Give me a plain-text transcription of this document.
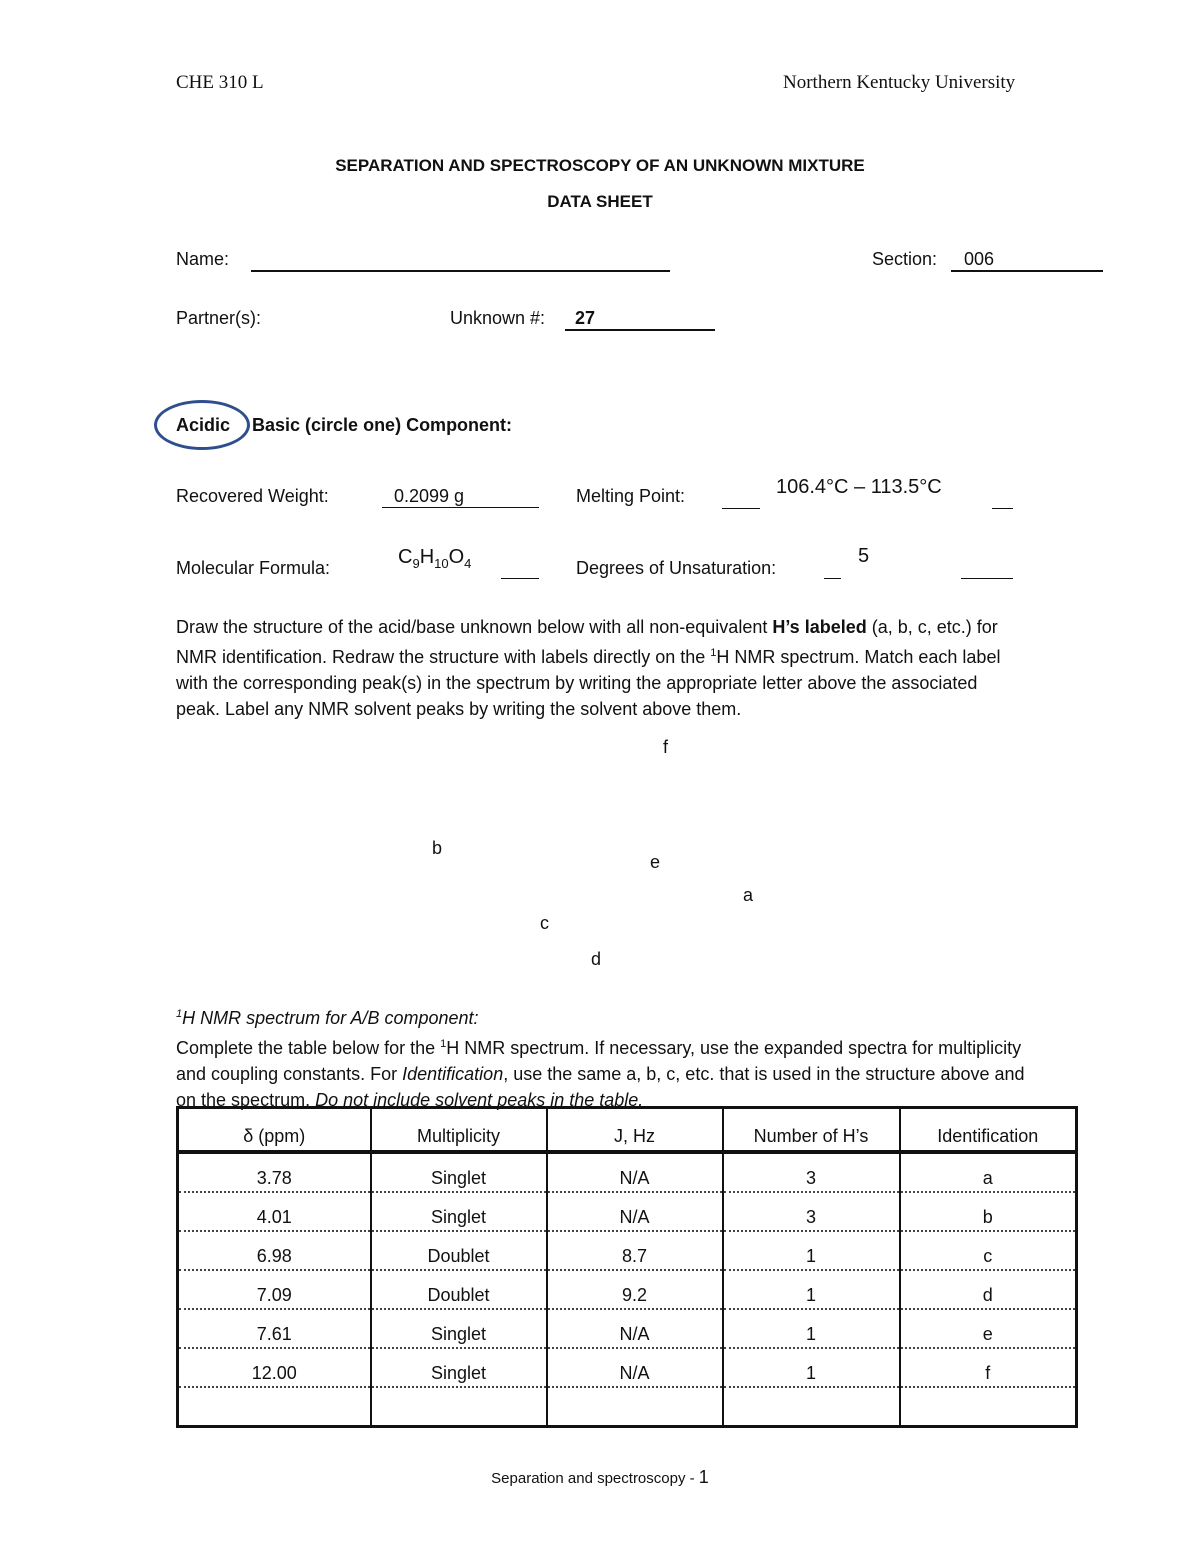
CHE 310 L	Northern Kentucky University
SEPARATION AND SPECTROSCOPY OF AN UNKNOWN MIXTURE
DATA SHEET
Name:	Section: 006
Partner(s):	Unknown #: 27
Acidic Basic (circle one) Component:
Recovered Weight:	0.2099 g	Melting Point:	106.4°C – 113.5°C
Molecular Formula:	$C_9H_{10}O_4$	Degrees of Unsaturation:
5

Draw the structure of the acid/base unknown below with all non-equivalent H’s labeled (a, b, c, etc.) for NMR identification. Redraw the structure with labels directly on the $^1$H NMR spectrum. Match each label with the corresponding peak(s) in the spectrum by writing the appropriate letter above the associated peak. Label any NMR solvent peaks by writing the solvent above them.

f
b
e
a
c
d

$^1$H NMR spectrum for A/B component:

Complete the table below for the $^1$H NMR spectrum. If necessary, use the expanded spectra for multiplicity and coupling constants. For Identification, use the same a, b, c, etc. that is used in the structure above and on the spectrum. Do not include solvent peaks in the table.

δ (ppm)	Multiplicity	J, Hz	Number of H’s	Identification
3.78	Singlet	N/A	3	a
4.01	Singlet	N/A	3	b
6.98	Doublet	8.7	1	c
7.09	Doublet	9.2	1	d
7.61	Singlet	N/A	1	e
12.00	Singlet	N/A	1	f

Separation and spectroscopy - 1
